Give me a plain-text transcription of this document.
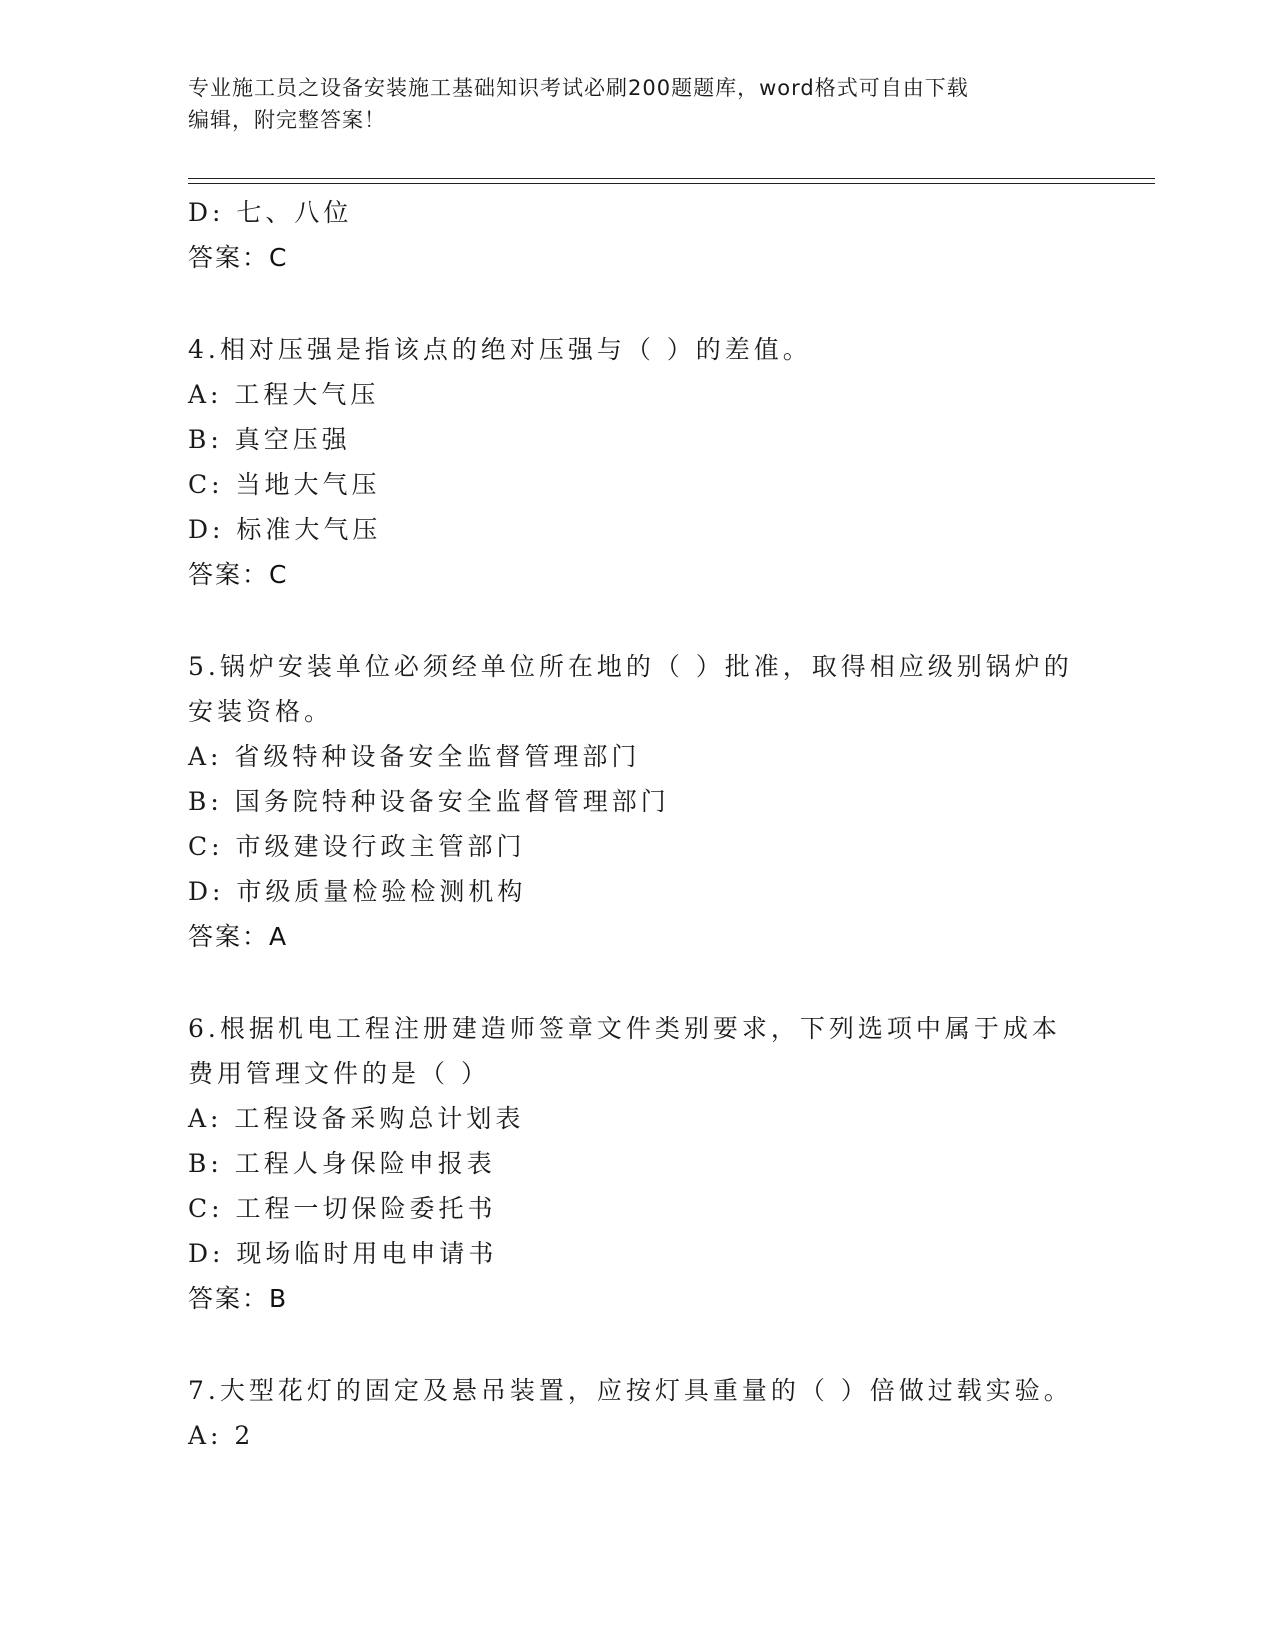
专业施工员之设备安装施工基础知识考试必刷200题题库，word格式可自由下载
编辑，附完整答案！
D: 七、八位
答案：C
4.相对压强是指该点的绝对压强与（ ）的差值。
A: 工程大气压
B: 真空压强
C: 当地大气压
D: 标准大气压
答案：C
5.锅炉安装单位必须经单位所在地的（ ）批准，取得相应级别锅炉的
安装资格。
A: 省级特种设备安全监督管理部门
B: 国务院特种设备安全监督管理部门
C: 市级建设行政主管部门
D: 市级质量检验检测机构
答案：A
6.根据机电工程注册建造师签章文件类别要求，下列选项中属于成本
费用管理文件的是（ ）
A: 工程设备采购总计划表
B: 工程人身保险申报表
C: 工程一切保险委托书
D: 现场临时用电申请书
答案：B
7.大型花灯的固定及悬吊装置，应按灯具重量的（ ）倍做过载实验。
A: 2
